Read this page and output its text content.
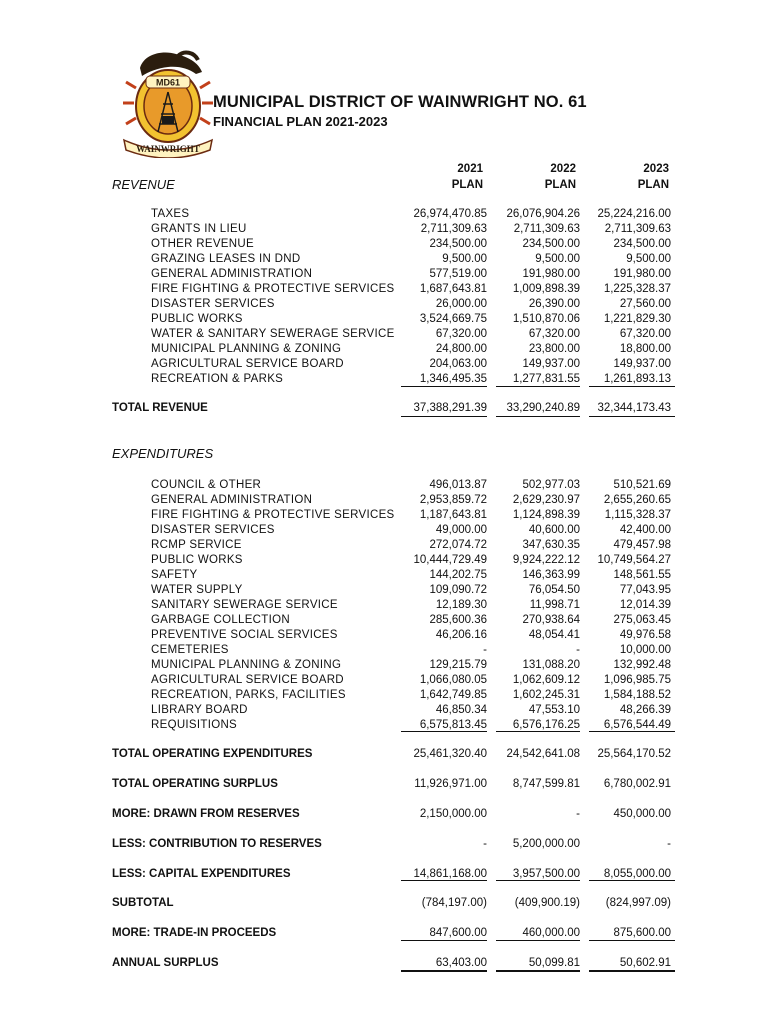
MD61
WAINWRIGHT
MUNICIPAL DISTRICT OF WAINWRIGHT NO. 61
FINANCIAL PLAN 2021-2023
2021
PLAN
2022
PLAN
2023
PLAN
REVENUE
TAXES	26,974,470.85	26,076,904.26	25,224,216.00
GRANTS IN LIEU	2,711,309.63	2,711,309.63	2,711,309.63
OTHER REVENUE	234,500.00	234,500.00	234,500.00
GRAZING LEASES IN DND	9,500.00	9,500.00	9,500.00
GENERAL ADMINISTRATION	577,519.00	191,980.00	191,980.00
FIRE FIGHTING & PROTECTIVE SERVICES	1,687,643.81	1,009,898.39	1,225,328.37
DISASTER SERVICES	26,000.00	26,390.00	27,560.00
PUBLIC WORKS	3,524,669.75	1,510,870.06	1,221,829.30
WATER & SANITARY SEWERAGE SERVICE	67,320.00	67,320.00	67,320.00
MUNICIPAL PLANNING & ZONING	24,800.00	23,800.00	18,800.00
AGRICULTURAL SERVICE BOARD	204,063.00	149,937.00	149,937.00
RECREATION & PARKS	1,346,495.35	1,277,831.55	1,261,893.13
TOTAL REVENUE	37,388,291.39	33,290,240.89	32,344,173.43
EXPENDITURES
COUNCIL & OTHER	496,013.87	502,977.03	510,521.69
GENERAL ADMINISTRATION	2,953,859.72	2,629,230.97	2,655,260.65
FIRE FIGHTING & PROTECTIVE SERVICES	1,187,643.81	1,124,898.39	1,115,328.37
DISASTER SERVICES	49,000.00	40,600.00	42,400.00
RCMP SERVICE	272,074.72	347,630.35	479,457.98
PUBLIC WORKS	10,444,729.49	9,924,222.12	10,749,564.27
SAFETY	144,202.75	146,363.99	148,561.55
WATER SUPPLY	109,090.72	76,054.50	77,043.95
SANITARY SEWERAGE SERVICE	12,189.30	11,998.71	12,014.39
GARBAGE COLLECTION	285,600.36	270,938.64	275,063.45
PREVENTIVE SOCIAL SERVICES	46,206.16	48,054.41	49,976.58
CEMETERIES	-	-	10,000.00
MUNICIPAL PLANNING & ZONING	129,215.79	131,088.20	132,992.48
AGRICULTURAL SERVICE BOARD	1,066,080.05	1,062,609.12	1,096,985.75
RECREATION, PARKS, FACILITIES	1,642,749.85	1,602,245.31	1,584,188.52
LIBRARY BOARD	46,850.34	47,553.10	48,266.39
REQUISITIONS	6,575,813.45	6,576,176.25	6,576,544.49
TOTAL OPERATING EXPENDITURES	25,461,320.40	24,542,641.08	25,564,170.52
TOTAL OPERATING SURPLUS	11,926,971.00	8,747,599.81	6,780,002.91
MORE: DRAWN FROM RESERVES	2,150,000.00	-	450,000.00
LESS: CONTRIBUTION TO RESERVES	-	5,200,000.00	-
LESS: CAPITAL EXPENDITURES	14,861,168.00	3,957,500.00	8,055,000.00
SUBTOTAL	(784,197.00)	(409,900.19)	(824,997.09)
MORE: TRADE-IN PROCEEDS	847,600.00	460,000.00	875,600.00
ANNUAL SURPLUS	63,403.00	50,099.81	50,602.91
